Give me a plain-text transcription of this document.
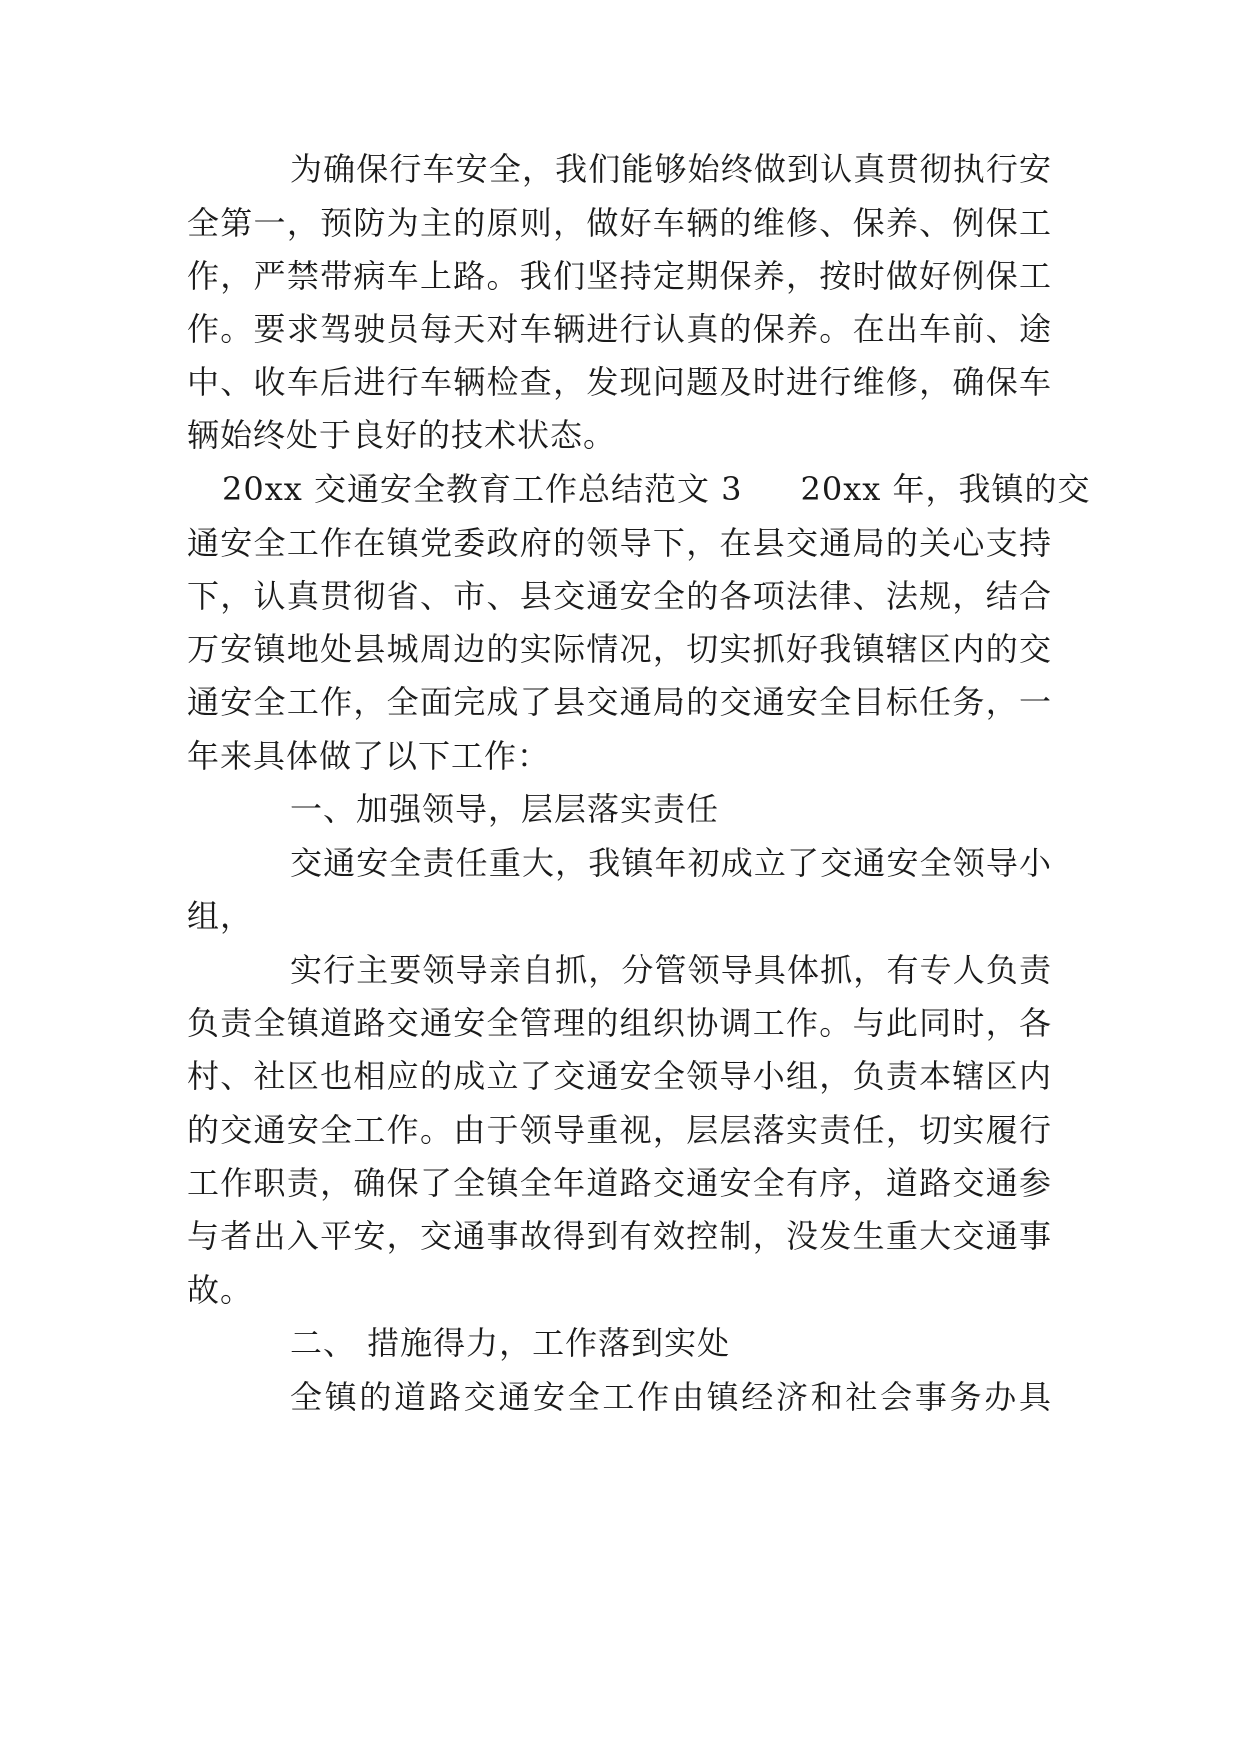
为确保行车安全，我们能够始终做到认真贯彻执行安
全第一，预防为主的原则，做好车辆的维修、保养、例保工
作，严禁带病车上路。我们坚持定期保养，按时做好例保工
作。要求驾驶员每天对车辆进行认真的保养。在出车前、途
中、收车后进行车辆检查，发现问题及时进行维修，确保车
辆始终处于良好的技术状态。
20xx 交通安全教育工作总结范文 3 20xx 年，我镇的交
通安全工作在镇党委政府的领导下，在县交通局的关心支持
下，认真贯彻省、市、县交通安全的各项法律、法规，结合
万安镇地处县城周边的实际情况，切实抓好我镇辖区内的交
通安全工作，全面完成了县交通局的交通安全目标任务，一
年来具体做了以下工作：
一、加强领导，层层落实责任
交通安全责任重大，我镇年初成立了交通安全领导小
组，
实行主要领导亲自抓，分管领导具体抓，有专人负责
负责全镇道路交通安全管理的组织协调工作。与此同时，各
村、社区也相应的成立了交通安全领导小组，负责本辖区内
的交通安全工作。由于领导重视，层层落实责任，切实履行
工作职责，确保了全镇全年道路交通安全有序，道路交通参
与者出入平安，交通事故得到有效控制，没发生重大交通事
故。
二、 措施得力，工作落到实处
全镇的道路交通安全工作由镇经济和社会事务办具
